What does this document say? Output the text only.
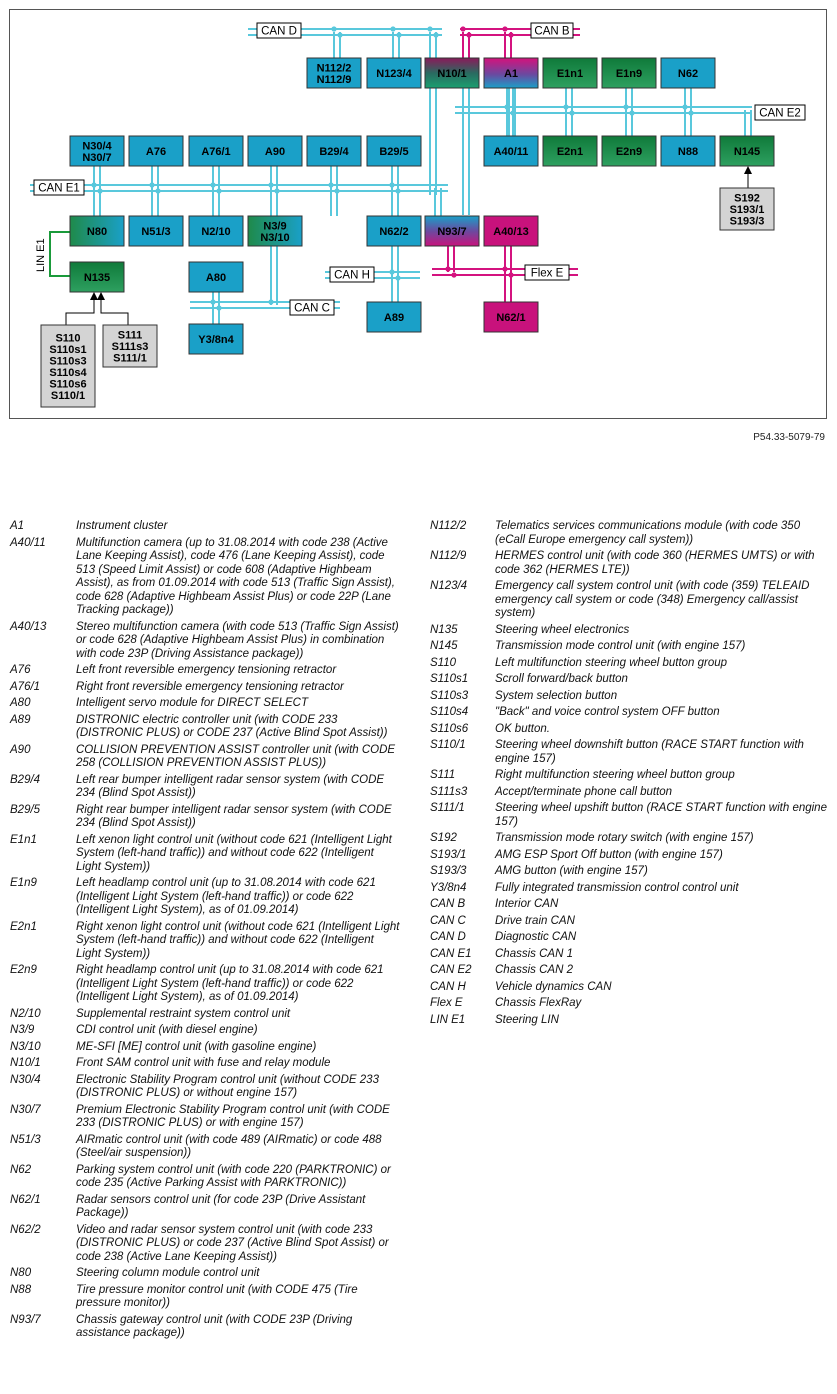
N112/2
N112/9 N123/4 N10/1	A1	E1n1	E1n9	N62
N30/4
N30/7	A76	A76/1	A90	B29/4	B29/5	A40/11	E2n1	E2n9	N88	N145
S192
S193/1
S193/3
N80	N51/3	N2/10	N3/9
N3/10	N62/2	N93/7 A40/13
N135	A80
A89	N62/1
Y3/8n4
S110
S110s1
S110s3
S110s4
S110s6
S110/1
S111
S111s3
S111/1
CAN D	CAN B
CAN E2
CAN E1
CAN H
CAN C
Flex E
LIN E1
P54.33-5079-79
A1	Instrument cluster
A40/11	Multifunction camera (up to 31.08.2014 with code 238 (Active Lane Keeping Assist), code 476 (Lane Keeping Assist), code 513 (Speed Limit Assist) or code 608 (Adaptive Highbeam Assist), as from 01.09.2014 with code 513 (Traffic Sign Assist), code 628 (Adaptive Highbeam Assist Plus) or code 22P (Lane Tracking package))
A40/13	Stereo multifunction camera (with code 513 (Traffic Sign Assist) or code 628 (Adaptive Highbeam Assist Plus) in combination with code 23P (Driving Assistance package))
A76	Left front reversible emergency tensioning retractor
A76/1	Right front reversible emergency tensioning retractor
A80	Intelligent servo module for DIRECT SELECT
A89	DISTRONIC electric controller unit (with CODE 233 (DISTRONIC PLUS) or CODE 237 (Active Blind Spot Assist))
A90	COLLISION PREVENTION ASSIST controller unit (with CODE 258 (COLLISION PREVENTION ASSIST PLUS))
B29/4	Left rear bumper intelligent radar sensor system (with CODE 234 (Blind Spot Assist))
B29/5	Right rear bumper intelligent radar sensor system (with CODE 234 (Blind Spot Assist))
E1n1	Left xenon light control unit (without code 621 (Intelligent Light System (left-hand traffic)) and without code 622 (Intelligent Light System))
E1n9	Left headlamp control unit (up to 31.08.2014 with code 621 (Intelligent Light System (left-hand traffic)) or code 622 (Intelligent Light System), as of 01.09.2014)
E2n1	Right xenon light control unit (without code 621 (Intelligent Light System (left-hand traffic)) and without code 622 (Intelligent Light System))
E2n9	Right headlamp control unit (up to 31.08.2014 with code 621 (Intelligent Light System (left-hand traffic)) or code 622 (Intelligent Light System), as of 01.09.2014)
N2/10	Supplemental restraint system control unit
N3/9	CDI control unit (with diesel engine)
N3/10	ME-SFI [ME] control unit (with gasoline engine)
N10/1	Front SAM control unit with fuse and relay module
N30/4	Electronic Stability Program control unit (without CODE 233 (DISTRONIC PLUS) or without engine 157)
N30/7	Premium Electronic Stability Program control unit (with CODE 233 (DISTRONIC PLUS) or with engine 157)
N51/3	AIRmatic control unit (with code 489 (AIRmatic) or code 488 (Steel/air suspension))
N62	Parking system control unit (with code 220 (PARKTRONIC) or code 235 (Active Parking Assist with PARKTRONIC))
N62/1	Radar sensors control unit (for code 23P (Drive Assistant Package))
N62/2	Video and radar sensor system control unit (with code 233 (DISTRONIC PLUS) or code 237 (Active Blind Spot Assist) or code 238 (Active Lane Keeping Assist))
N80	Steering column module control unit
N88	Tire pressure monitor control unit (with CODE 475 (Tire pressure monitor))
N93/7	Chassis gateway control unit (with CODE 23P (Driving assistance package))
N112/2	Telematics services communications module (with code 350 (eCall Europe emergency call system))
N112/9	HERMES control unit (with code 360 (HERMES UMTS) or with code 362 (HERMES LTE))
N123/4	Emergency call system control unit (with code (359) TELEAID emergency call system or code (348) Emergency call/assist system)
N135	Steering wheel electronics
N145	Transmission mode control unit (with engine 157)
S110	Left multifunction steering wheel button group
S110s1	Scroll forward/back button
S110s3	System selection button
S110s4	"Back" and voice control system OFF button
S110s6	OK button.
S110/1	Steering wheel downshift button (RACE START function with engine 157)
S111	Right multifunction steering wheel button group
S111s3	Accept/terminate phone call button
S111/1	Steering wheel upshift button (RACE START function with engine 157)
S192	Transmission mode rotary switch (with engine 157)
S193/1	AMG ESP Sport Off button (with engine 157)
S193/3	AMG button (with engine 157)
Y3/8n4	Fully integrated transmission control control unit
CAN B	Interior CAN
CAN C	Drive train CAN
CAN D	Diagnostic CAN
CAN E1	Chassis CAN 1
CAN E2	Chassis CAN 2
CAN H	Vehicle dynamics CAN
Flex E	Chassis FlexRay
LIN E1	Steering LIN
